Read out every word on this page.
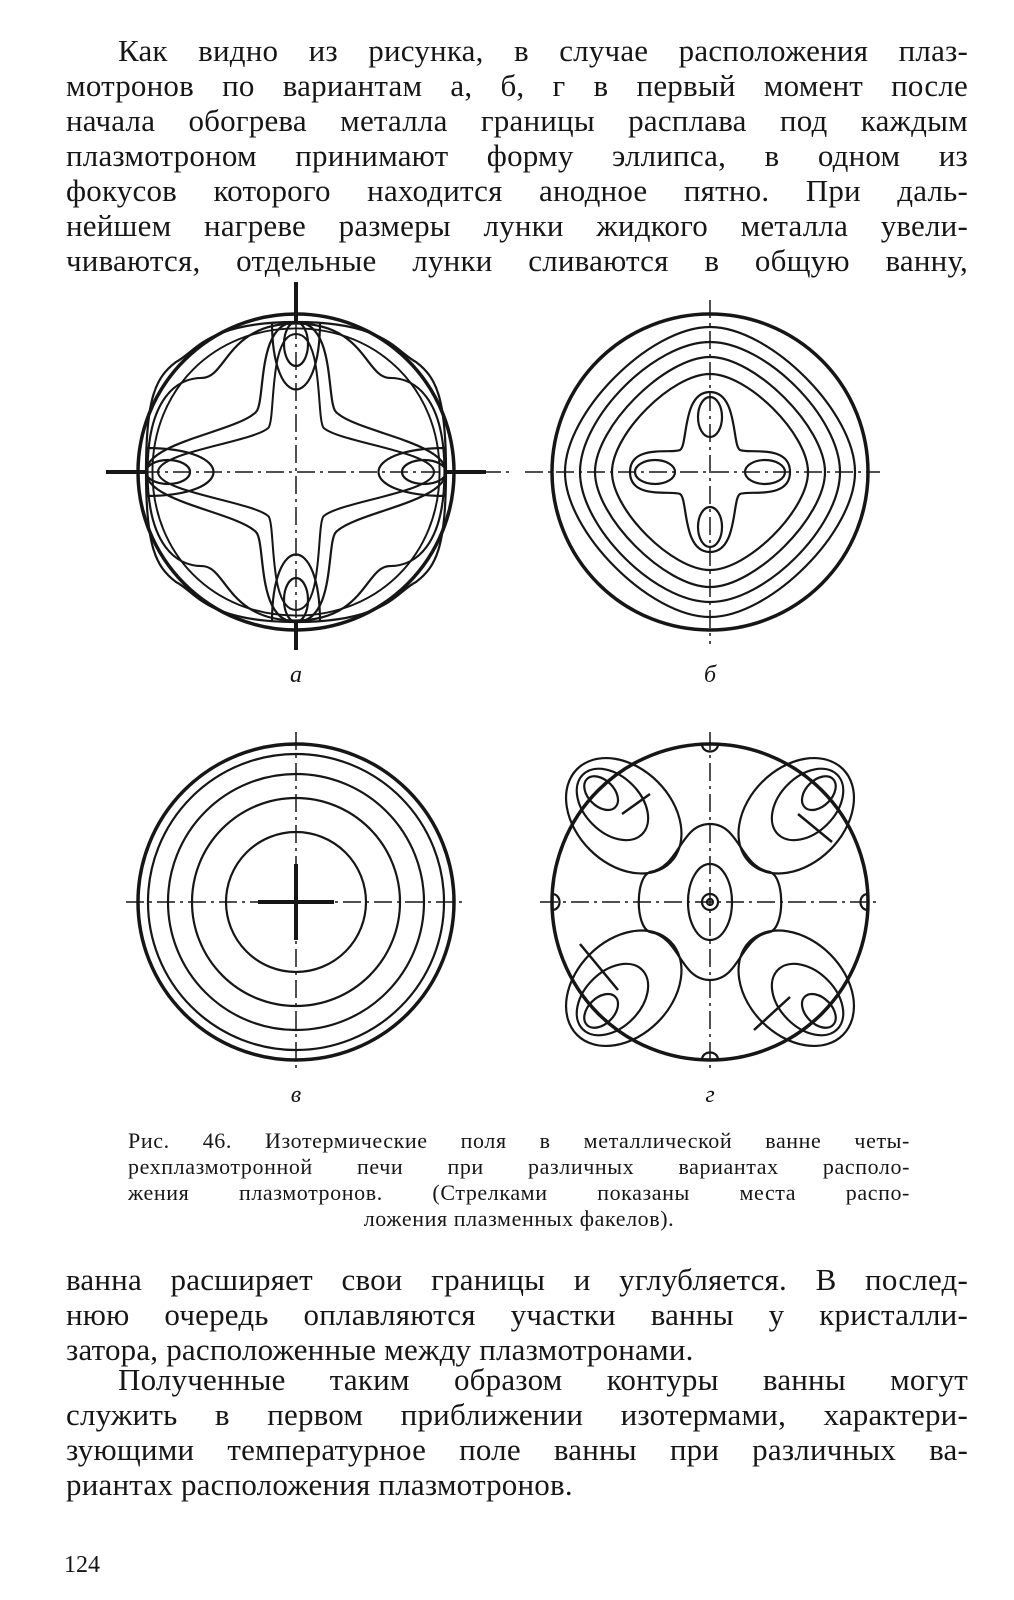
Как видно из рисунка, в случае расположения плаз-
мотронов по вариантам а, б, г в первый момент после
начала обогрева металла границы расплава под каждым
плазмотроном принимают форму эллипса, в одном из
фокусов которого находится анодное пятно. При даль-
нейшем нагреве размеры лунки жидкого металла увели-
чиваются, отдельные лунки сливаются в общую ванну,
а	б
в	г
Рис. 46. Изотермические поля в металлической ванне четы-
рехплазмотронной печи при различных вариантах располо-
жения плазмотронов. (Стрелками показаны места распо-
ложения плазменных факелов).
ванна расширяет свои границы и углубляется. В послед-
нюю очередь оплавляются участки ванны у кристалли-
затора, расположенные между плазмотронами.
Полученные таким образом контуры ванны могут
служить в первом приближении изотермами, характери-
зующими температурное поле ванны при различных ва-
риантах расположения плазмотронов.
124
